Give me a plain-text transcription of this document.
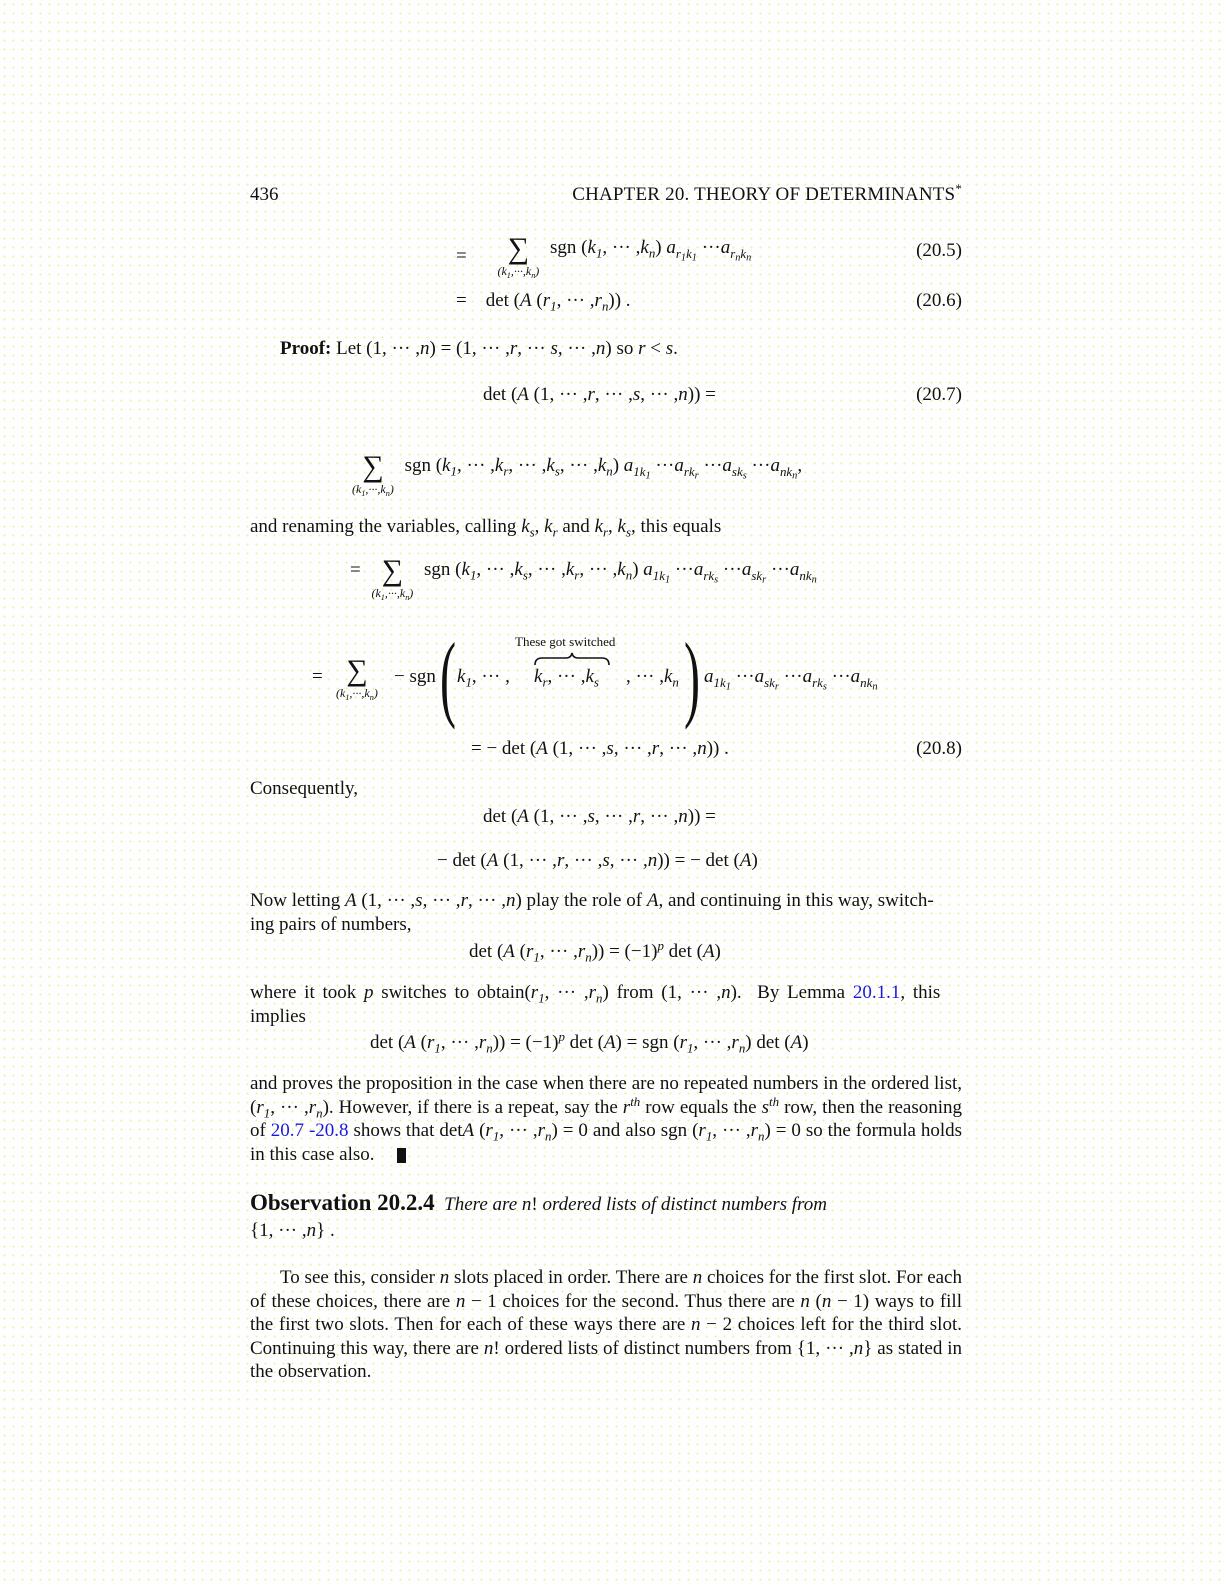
436	CHAPTER 20. THEORY OF DETERMINANTS*
= ∑
$(k_1,\cdot\cdot\cdot,k_n)$
sgn ($k_1$, ··· $,k_n$) $a_{r_1k_1} \cdot\cdot\cdot a_{r_nk_n}$	(20.5)
=    det (A ($r_1$, ··· $,r_n$)) .	(20.6)
Proof: Let (1, ··· ,n) = (1, ··· ,r, ··· s, ··· ,n) so r < s.
det (A (1, ··· ,r, ··· ,s, ··· ,n)) =	(20.7)
∑
$(k_1,\cdot\cdot\cdot,k_n)$
sgn ($k_1$, ··· $,k_r$, ··· $,k_s$, ··· $,k_n$) $a_{1k_1} \cdot\cdot\cdot a_{rk_r} \cdot\cdot\cdot a_{sk_s} \cdot\cdot\cdot a_{nk_n}$,
and renaming the variables, calling $k_s$, $k_r$ and $k_r$, $k_s$, this equals
= ∑
$(k_1,\cdot\cdot\cdot,k_n)$
sgn ($k_1$, ··· $,k_s$, ··· $,k_r$, ··· $,k_n$) $a_{1k_1} \cdot\cdot\cdot a_{rk_s} \cdot\cdot\cdot a_{sk_r} \cdot\cdot\cdot a_{nk_n}$
= ∑
$(k_1,\cdot\cdot\cdot,k_n)$
− sgn ( $k_1$, ··· ,
These got switched
$k_r$, ··· $,k_s$ , ··· $,k_n$ ) $a_{1k_1} \cdot\cdot\cdot a_{sk_r} \cdot\cdot\cdot a_{rk_s} \cdot\cdot\cdot a_{nk_n}$
= − det (A (1, ··· ,s, ··· ,r, ··· ,n)) .	(20.8)
Consequently,
det (A (1, ··· ,s, ··· ,r, ··· ,n)) =
− det (A (1, ··· ,r, ··· ,s, ··· ,n)) = − det (A)
Now letting A (1, ··· ,s, ··· ,r, ··· ,n) play the role of A, and continuing in this way, switch-
ing pairs of numbers,
det (A ($r_1$, ··· $,r_n)) = (-1)^p$ det (A)
where it took p switches to $obtain(r_1$, ··· $,r_n$) from (1, ··· ,n).  By Lemma 20.1.1, this
implies
det (A ($r_1$, ··· $,r_n)) = (-1)^p$ det (A) = sgn ($r_1$, ··· $,r_n$) det (A)
and proves the proposition in the case when there are no repeated numbers in the ordered list, ($r_1$, ··· $,r_n$). However, if there is a repeat, say the $r^{th}$ row equals the $s^{th}$ row, then the reasoning of 20.7 -20.8 shows that detA ($r_1$, ··· $,r_n) = 0$ and also sgn ($r_1$, ··· $,r_n) = 0$ so the formula holds in this case also.
Observation 20.2.4 There are n! ordered lists of distinct numbers from
{1, ··· ,n} .
To see this, consider n slots placed in order. There are n choices for the first slot. For each of these choices, there are n − 1 choices for the second. Thus there are n (n − 1) ways to fill the first two slots. Then for each of these ways there are n − 2 choices left for the third slot. Continuing this way, there are n! ordered lists of distinct numbers from {1, ··· ,n} as stated in the observation.
